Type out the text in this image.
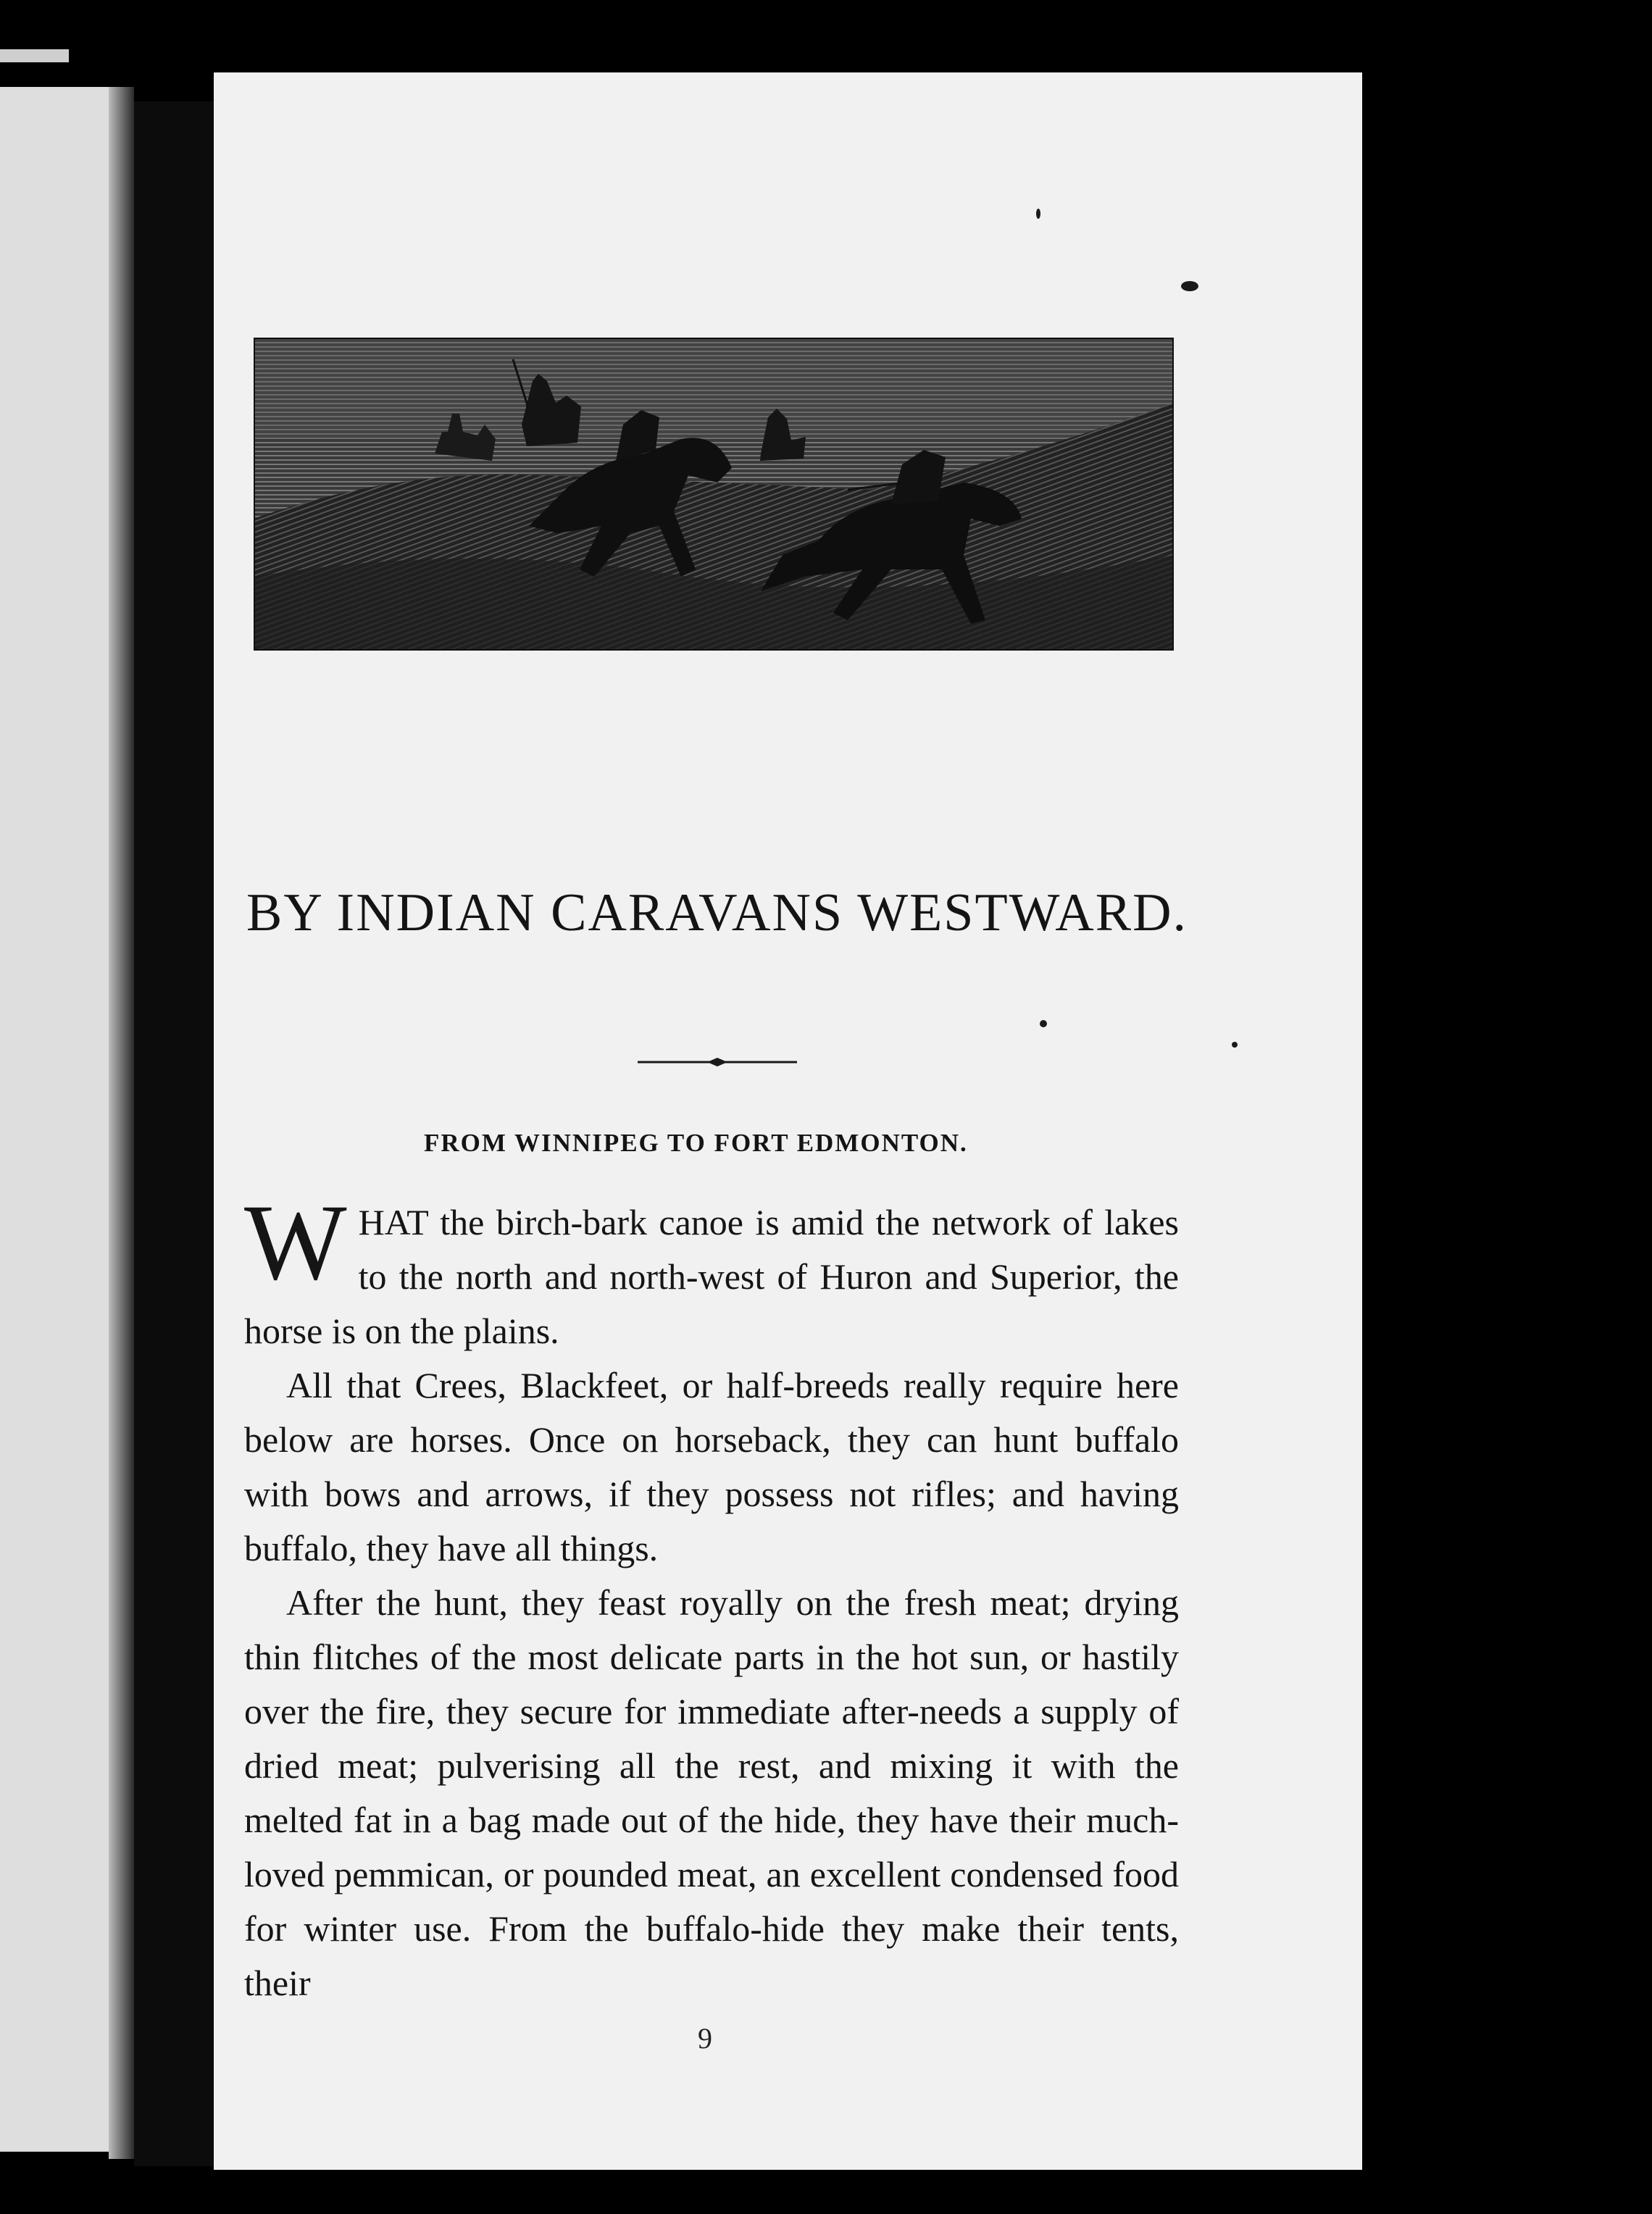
BY INDIAN CARAVANS WESTWARD.
FROM WINNIPEG TO FORT EDMONTON.

WHAT the birch-bark canoe is amid the network of lakes to the north and north-west of Huron and Superior, the horse is on the plains.

All that Crees, Blackfeet, or half-breeds really require here below are horses. Once on horseback, they can hunt buffalo with bows and arrows, if they possess not rifles; and having buffalo, they have all things.

After the hunt, they feast royally on the fresh meat; drying thin flitches of the most delicate parts in the hot sun, or hastily over the fire, they secure for immediate after-needs a supply of dried meat; pulverising all the rest, and mixing it with the melted fat in a bag made out of the hide, they have their much-loved pemmican, or pounded meat, an excellent condensed food for winter use. From the buffalo-hide they make their tents, their

9
